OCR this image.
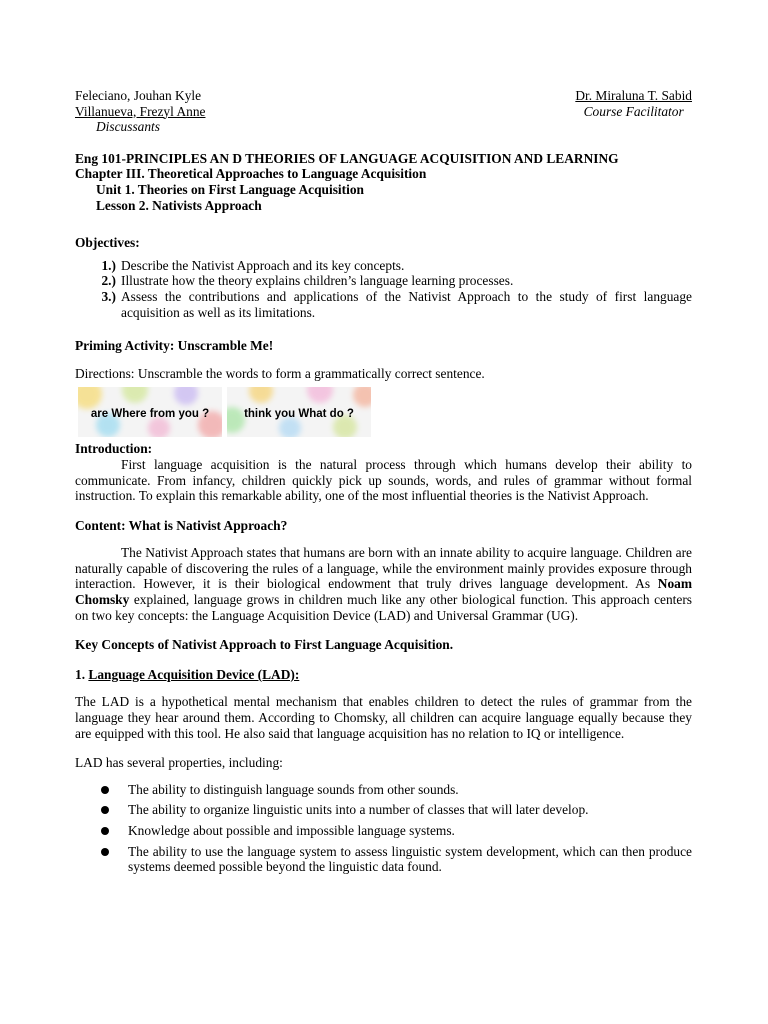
Feleciano, Jouhan Kyle
Villanueva, Frezyl Anne
Discussants
Dr. Miraluna T. Sabid
Course Facilitator
Eng 101-PRINCIPLES AN D THEORIES OF LANGUAGE ACQUISITION AND LEARNING
Chapter III. Theoretical Approaches to Language Acquisition
Unit 1. Theories on First Language Acquisition
Lesson 2. Nativists Approach
Objectives:
1.) Describe the Nativist Approach and its key concepts.
2.) Illustrate how the theory explains children’s language learning processes.
3.) Assess the contributions and applications of the Nativist Approach to the study of first language acquisition as well as its limitations.
Priming Activity: Unscramble Me!
Directions: Unscramble the words to form a grammatically correct sentence.
are Where from you ?	think you What do ?
Introduction:

First language acquisition is the natural process through which humans develop their ability to communicate. From infancy, children quickly pick up sounds, words, and rules of grammar without formal instruction. To explain this remarkable ability, one of the most influential theories is the Nativist Approach.

Content: What is Nativist Approach?

The Nativist Approach states that humans are born with an innate ability to acquire language. Children are naturally capable of discovering the rules of a language, while the environment mainly provides exposure through interaction. However, it is their biological endowment that truly drives language development. As Noam Chomsky explained, language grows in children much like any other biological function. This approach centers on two key concepts: the Language Acquisition Device (LAD) and Universal Grammar (UG).

Key Concepts of Nativist Approach to First Language Acquisition.
1. Language Acquisition Device (LAD):

The LAD is a hypothetical mental mechanism that enables children to detect the rules of grammar from the language they hear around them. According to Chomsky, all children can acquire language equally because they are equipped with this tool. He also said that language acquisition has no relation to IQ or intelligence.

LAD has several properties, including:
The ability to distinguish language sounds from other sounds.
The ability to organize linguistic units into a number of classes that will later develop.
Knowledge about possible and impossible language systems.
The ability to use the language system to assess linguistic system development, which can then produce systems deemed possible beyond the linguistic data found.
